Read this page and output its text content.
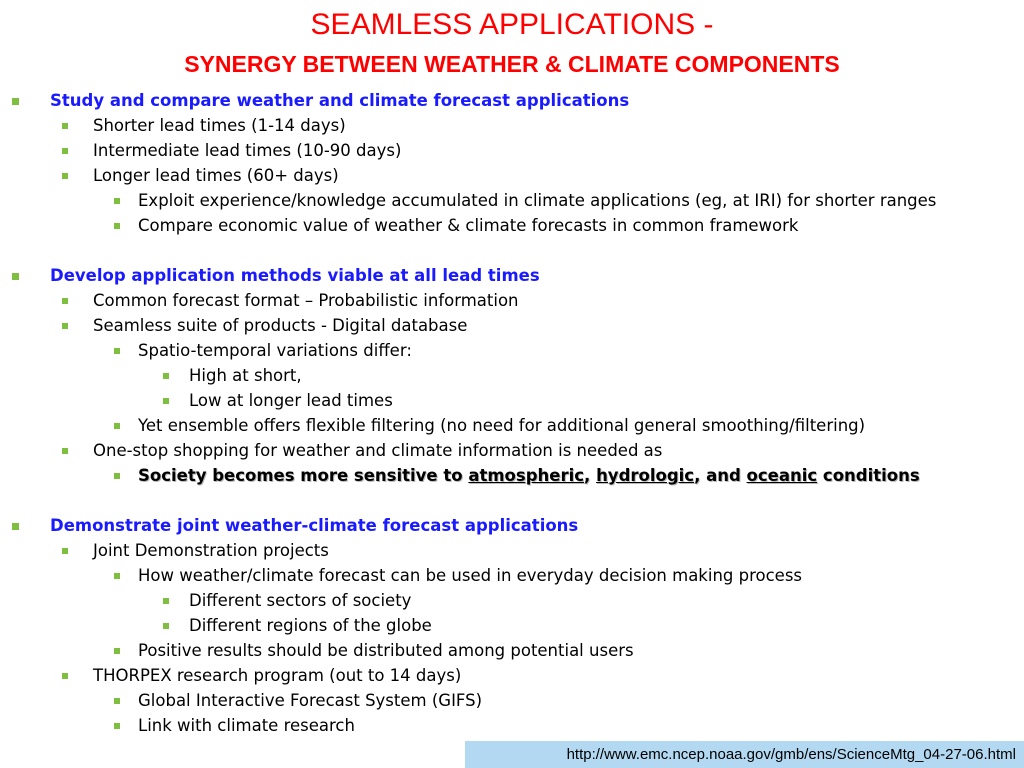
SEAMLESS APPLICATIONS -
SYNERGY BETWEEN WEATHER & CLIMATE COMPONENTS
Study and compare weather and climate forecast applications
Shorter lead times (1-14 days)
Intermediate lead times (10-90 days)
Longer lead times (60+ days)
Exploit experience/knowledge accumulated in climate applications (eg, at IRI) for shorter ranges
Compare economic value of weather & climate forecasts in common framework
Develop application methods viable at all lead times
Common forecast format – Probabilistic information
Seamless suite of products - Digital database
Spatio-temporal variations differ:
High at short,
Low at longer lead times
Yet ensemble offers flexible filtering (no need for additional general smoothing/filtering)
One-stop shopping for weather and climate information is needed as
Society becomes more sensitive to atmospheric, hydrologic, and oceanic conditions
Demonstrate joint weather-climate forecast applications
Joint Demonstration projects
How weather/climate forecast can be used in everyday decision making process
Different sectors of society
Different regions of the globe
Positive results should be distributed among potential users
THORPEX research program (out to 14 days)
Global Interactive Forecast System (GIFS)
Link with climate research
http://www.emc.ncep.noaa.gov/gmb/ens/ScienceMtg_04-27-06.html
